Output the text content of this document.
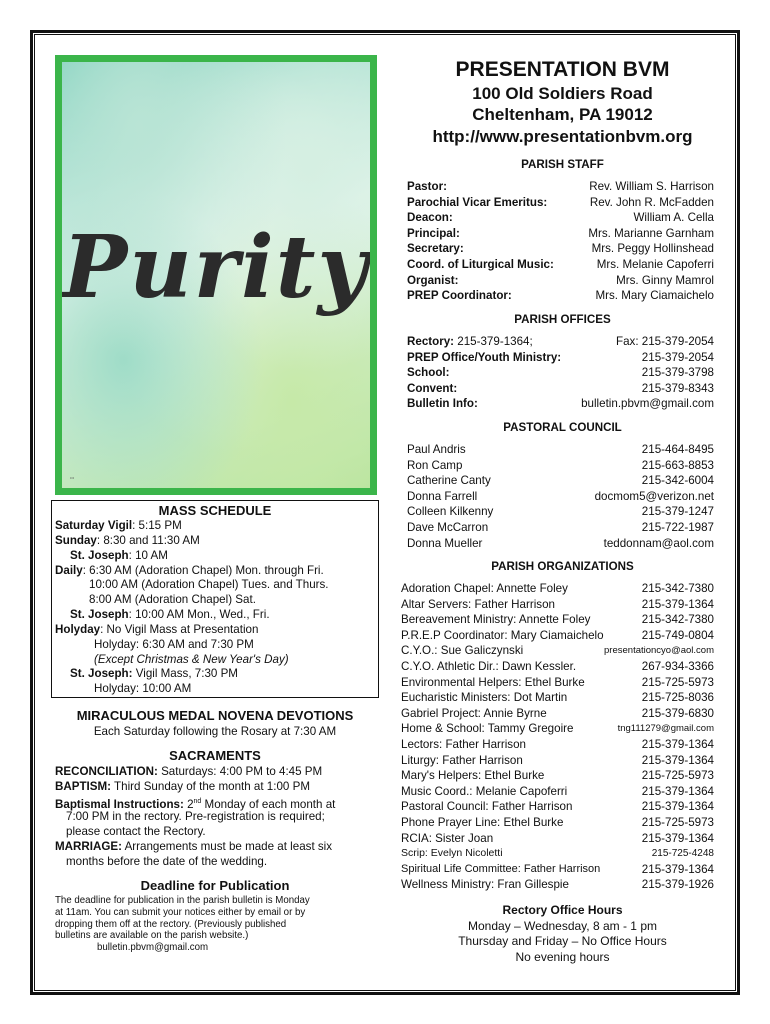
Purity
•••
PRESENTATION BVM
100 Old Soldiers Road
Cheltenham, PA 19012
http://www.presentationbvm.org
PARISH STAFF
Pastor:	Rev. William S. Harrison
Parochial Vicar Emeritus:	Rev. John R. McFadden
Deacon:	William A. Cella
Principal:	Mrs. Marianne Garnham
Secretary:	Mrs. Peggy Hollinshead
Coord. of Liturgical Music:	Mrs. Melanie Capoferri
Organist:	Mrs. Ginny Mamrol
PREP Coordinator:	Mrs. Mary Ciamaichelo
PARISH OFFICES
Rectory: 215-379-1364;	Fax: 215-379-2054
PREP Office/Youth Ministry:	215-379-2054
School:	215-379-3798
Convent:	215-379-8343
Bulletin Info:	bulletin.pbvm@gmail.com
PASTORAL COUNCIL
Paul Andris	215-464-8495
Ron Camp	215-663-8853
Catherine Canty	215-342-6004
Donna Farrell	docmom5@verizon.net
Colleen Kilkenny	215-379-1247
Dave McCarron	215-722-1987
Donna Mueller	teddonnam@aol.com
PARISH ORGANIZATIONS
Adoration Chapel: Annette Foley	215-342-7380
Altar Servers: Father Harrison	215-379-1364
Bereavement Ministry: Annette Foley	215-342-7380
P.R.E.P Coordinator: Mary Ciamaichelo	215-749-0804
C.Y.O.: Sue Galiczynski	presentationcyo@aol.com
C.Y.O. Athletic Dir.: Dawn Kessler.	267-934-3366
Environmental Helpers: Ethel Burke	215-725-5973
Eucharistic Ministers: Dot Martin	215-725-8036
Gabriel Project: Annie Byrne	215-379-6830
Home & School: Tammy Gregoire	tng111279@gmail.com
Lectors: Father Harrison	215-379-1364
Liturgy: Father Harrison	215-379-1364
Mary's Helpers: Ethel Burke	215-725-5973
Music Coord.: Melanie Capoferri	215-379-1364
Pastoral Council: Father Harrison	215-379-1364
Phone Prayer Line: Ethel Burke	215-725-5973
RCIA: Sister Joan	215-379-1364
Scrip: Evelyn Nicoletti	215-725-4248
Spiritual Life Committee: Father Harrison	215-379-1364
Wellness Ministry: Fran Gillespie	215-379-1926
Rectory Office Hours
Monday – Wednesday, 8 am - 1 pm
Thursday and Friday – No Office Hours
No evening hours
MASS SCHEDULE
Saturday Vigil: 5:15 PM
Sunday: 8:30 and 11:30 AM
St. Joseph: 10 AM
Daily: 6:30 AM (Adoration Chapel) Mon. through Fri.
10:00 AM (Adoration Chapel) Tues. and Thurs.
8:00 AM (Adoration Chapel) Sat.
St. Joseph: 10:00 AM Mon., Wed., Fri.
Holyday: No Vigil Mass at Presentation
Holyday: 6:30 AM and 7:30 PM
(Except Christmas & New Year's Day)
St. Joseph: Vigil Mass, 7:30 PM
Holyday: 10:00 AM
MIRACULOUS MEDAL NOVENA DEVOTIONS
Each Saturday following the Rosary at 7:30 AM
SACRAMENTS
RECONCILIATION: Saturdays: 4:00 PM to 4:45 PM
BAPTISM: Third Sunday of the month at 1:00 PM
Baptismal Instructions: 2nd Monday of each month at
7:00 PM in the rectory. Pre-registration is required;
please contact the Rectory.
MARRIAGE: Arrangements must be made at least six
months before the date of the wedding.
Deadline for Publication
The deadline for publication in the parish bulletin is Monday
at 11am. You can submit your notices either by email or by
dropping them off at the rectory. (Previously published
bulletins are available on the parish website.)
bulletin.pbvm@gmail.com
